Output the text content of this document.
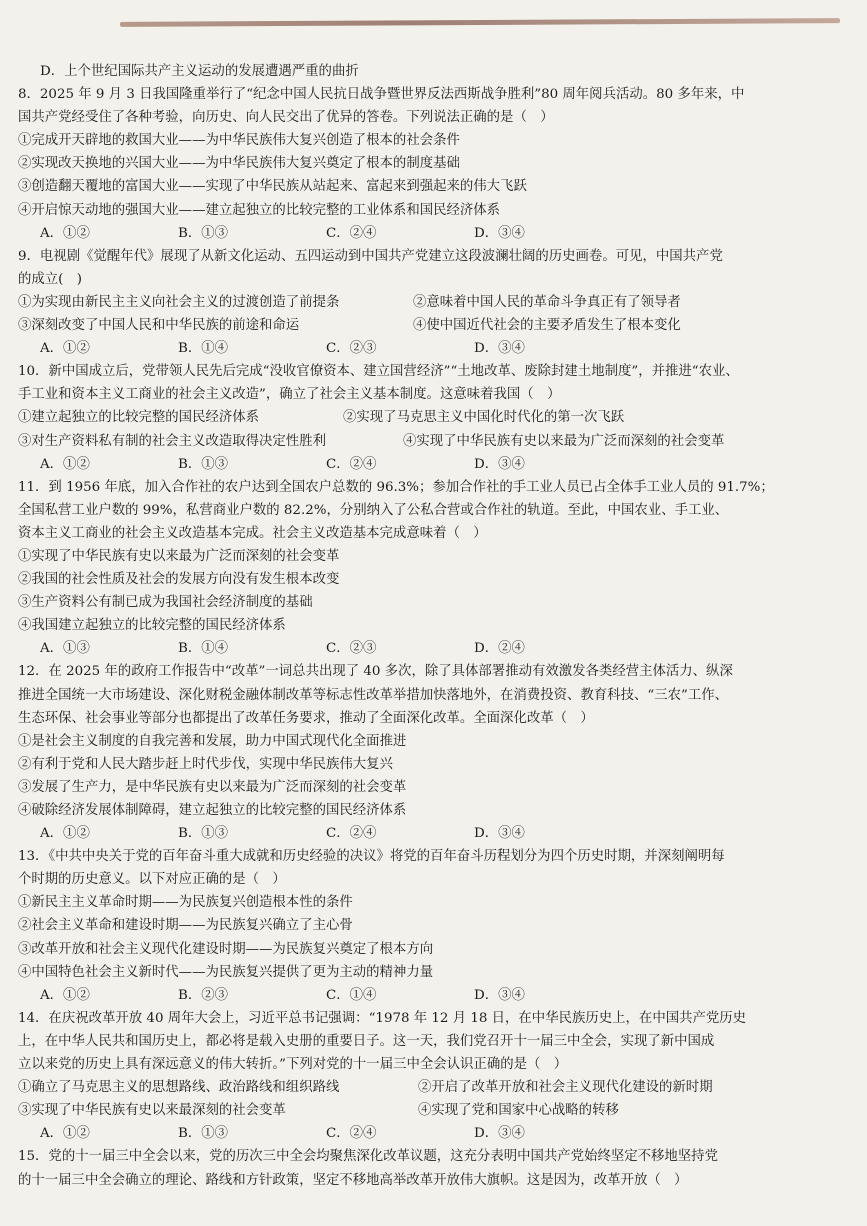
D．上个世纪国际共产主义运动的发展遭遇严重的曲折
8．2025 年 9 月 3 日我国隆重举行了“纪念中国人民抗日战争暨世界反法西斯战争胜利”80 周年阅兵活动。80 多年来，中
国共产党经受住了各种考验，向历史、向人民交出了优异的答卷。下列说法正确的是（　）
①完成开天辟地的救国大业——为中华民族伟大复兴创造了根本的社会条件
②实现改天换地的兴国大业——为中华民族伟大复兴奠定了根本的制度基础
③创造翻天覆地的富国大业——实现了中华民族从站起来、富起来到强起来的伟大飞跃
④开启惊天动地的强国大业——建立起独立的比较完整的工业体系和国民经济体系
A．①②	B．①③	C．②④	D．③④
9．电视剧《觉醒年代》展现了从新文化运动、五四运动到中国共产党建立这段波澜壮阔的历史画卷。可见，中国共产党
的成立(　)
①为实现由新民主主义向社会主义的过渡创造了前提条	②意味着中国人民的革命斗争真正有了领导者
③深刻改变了中国人民和中华民族的前途和命运	④使中国近代社会的主要矛盾发生了根本变化
A．①②	B．①④	C．②③	D．③④
10．新中国成立后，党带领人民先后完成“没收官僚资本、建立国营经济”“土地改革、废除封建土地制度”，并推进“农业、
手工业和资本主义工商业的社会主义改造”，确立了社会主义基本制度。这意味着我国（　）
①建立起独立的比较完整的国民经济体系	②实现了马克思主义中国化时代化的第一次飞跃
③对生产资料私有制的社会主义改造取得决定性胜利	④实现了中华民族有史以来最为广泛而深刻的社会变革
A．①②	B．①③	C．②④	D．③④
11．到 1956 年底，加入合作社的农户达到全国农户总数的 96.3%；参加合作社的手工业人员已占全体手工业人员的 91.7%；
全国私营工业户数的 99%，私营商业户数的 82.2%，分别纳入了公私合营或合作社的轨道。至此，中国农业、手工业、
资本主义工商业的社会主义改造基本完成。社会主义改造基本完成意味着（　）
①实现了中华民族有史以来最为广泛而深刻的社会变革
②我国的社会性质及社会的发展方向没有发生根本改变
③生产资料公有制已成为我国社会经济制度的基础
④我国建立起独立的比较完整的国民经济体系
A．①③	B．①④	C．②③	D．②④
12．在 2025 年的政府工作报告中“改革”一词总共出现了 40 多次，除了具体部署推动有效激发各类经营主体活力、纵深
推进全国统一大市场建设、深化财税金融体制改革等标志性改革举措加快落地外，在消费投资、教育科技、“三农”工作、
生态环保、社会事业等部分也都提出了改革任务要求，推动了全面深化改革。全面深化改革（　）
①是社会主义制度的自我完善和发展，助力中国式现代化全面推进
②有利于党和人民大踏步赶上时代步伐，实现中华民族伟大复兴
③发展了生产力，是中华民族有史以来最为广泛而深刻的社会变革
④破除经济发展体制障碍，建立起独立的比较完整的国民经济体系
A．①②	B．①③	C．②④	D．③④
13．《中共中央关于党的百年奋斗重大成就和历史经验的决议》将党的百年奋斗历程划分为四个历史时期，并深刻阐明每
个时期的历史意义。以下对应正确的是（　）
①新民主主义革命时期——为民族复兴创造根本性的条件
②社会主义革命和建设时期——为民族复兴确立了主心骨
③改革开放和社会主义现代化建设时期——为民族复兴奠定了根本方向
④中国特色社会主义新时代——为民族复兴提供了更为主动的精神力量
A．①②	B．②③	C．①④	D．③④
14．在庆祝改革开放 40 周年大会上，习近平总书记强调：“1978 年 12 月 18 日，在中华民族历史上，在中国共产党历史
上，在中华人民共和国历史上，都必将是载入史册的重要日子。这一天，我们党召开十一届三中全会，实现了新中国成
立以来党的历史上具有深远意义的伟大转折。”下列对党的十一届三中全会认识正确的是（　）
①确立了马克思主义的思想路线、政治路线和组织路线	②开启了改革开放和社会主义现代化建设的新时期
③实现了中华民族有史以来最深刻的社会变革	④实现了党和国家中心战略的转移
A．①②	B．①③	C．②④	D．③④
15．党的十一届三中全会以来，党的历次三中全会均聚焦深化改革议题，这充分表明中国共产党始终坚定不移地坚持党
的十一届三中全会确立的理论、路线和方针政策，坚定不移地高举改革开放伟大旗帜。这是因为，改革开放（　）
